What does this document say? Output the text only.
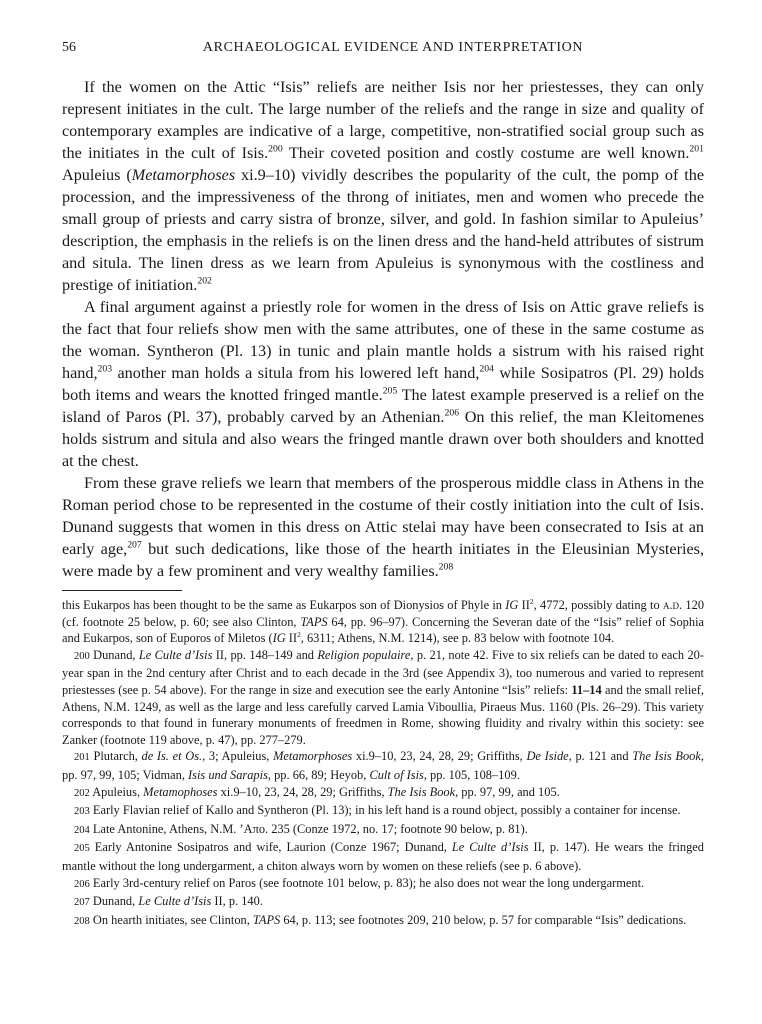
56	ARCHAEOLOGICAL EVIDENCE AND INTERPRETATION

If the women on the Attic “Isis” reliefs are neither Isis nor her priestesses, they can only represent initiates in the cult. The large number of the reliefs and the range in size and quality of contemporary examples are indicative of a large, competitive, non-stratified social group such as the initiates in the cult of Isis.$^{200}$ Their coveted position and costly costume are well known.$^{201}$ Apuleius (Metamorphoses xi.9–10) vividly describes the popularity of the cult, the pomp of the procession, and the impressiveness of the throng of initiates, men and women who precede the small group of priests and carry sistra of bronze, silver, and gold. In fashion similar to Apuleius’ description, the emphasis in the reliefs is on the linen dress and the hand-held attributes of sistrum and situla. The linen dress as we learn from Apuleius is synonymous with the costliness and prestige of initiation.$^{202}$

A final argument against a priestly role for women in the dress of Isis on Attic grave reliefs is the fact that four reliefs show men with the same attributes, one of these in the same costume as the woman. Syntheron (Pl. 13) in tunic and plain mantle holds a sistrum with his raised right hand,$^{203}$ another man holds a situla from his lowered left hand,$^{204}$ while Sosipatros (Pl. 29) holds both items and wears the knotted fringed mantle.$^{205}$ The latest example preserved is a relief on the island of Paros (Pl. 37), probably carved by an Athenian.$^{206}$ On this relief, the man Kleitomenes holds sistrum and situla and also wears the fringed mantle drawn over both shoulders and knotted at the chest.

From these grave reliefs we learn that members of the prosperous middle class in Athens in the Roman period chose to be represented in the costume of their costly initiation into the cult of Isis. Dunand suggests that women in this dress on Attic stelai may have been consecrated to Isis at an early age,$^{207}$ but such dedications, like those of the hearth initiates in the Eleusinian Mysteries, were made by a few prominent and very wealthy families.$^{208}$

this Eukarpos has been thought to be the same as Eukarpos son of Dionysios of Phyle in IG $II^2$, 4772, possibly dating to a.d. 120 (cf. footnote 25 below, p. 60; see also Clinton, TAPS 64, pp. 96–97). Concerning the Severan date of the “Isis” relief of Sophia and Eukarpos, son of Euporos of Miletos (IG $II^2$, 6311; Athens, N.M. 1214), see p. 83 below with footnote 104.

200 Dunand, Le Culte d’Isis II, pp. 148–149 and Religion populaire, p. 21, note 42. Five to six reliefs can be dated to each 20-year span in the 2nd century after Christ and to each decade in the 3rd (see Appendix 3), too numerous and varied to represent priestesses (see p. 54 above). For the range in size and execution see the early Antonine “Isis” reliefs: 11–14 and the small relief, Athens, N.M. 1249, as well as the large and less carefully carved Lamia Viboullia, Piraeus Mus. 1160 (Pls. 26–29). This variety corresponds to that found in funerary monuments of freedmen in Rome, showing fluidity and rivalry within this society: see Zanker (footnote 119 above, p. 47), pp. 277–279.

201 Plutarch, de Is. et Os., 3; Apuleius, Metamorphoses xi.9–10, 23, 24, 28, 29; Griffiths, De Iside, p. 121 and The Isis Book, pp. 97, 99, 105; Vidman, Isis und Sarapis, pp. 66, 89; Heyob, Cult of Isis, pp. 105, 108–109.

202 Apuleius, Metamophoses xi.9–10, 23, 24, 28, 29; Griffiths, The Isis Book, pp. 97, 99, and 105.

203 Early Flavian relief of Kallo and Syntheron (Pl. 13); in his left hand is a round object, possibly a container for incense.

204 Late Antonine, Athens, N.M. ’Aπο. 235 (Conze 1972, no. 17; footnote 90 below, p. 81).

205 Early Antonine Sosipatros and wife, Laurion (Conze 1967; Dunand, Le Culte d’Isis II, p. 147). He wears the fringed mantle without the long undergarment, a chiton always worn by women on these reliefs (see p. 6 above).

206 Early 3rd-century relief on Paros (see footnote 101 below, p. 83); he also does not wear the long undergarment.

207 Dunand, Le Culte d’Isis II, p. 140.

208 On hearth initiates, see Clinton, TAPS 64, p. 113; see footnotes 209, 210 below, p. 57 for comparable “Isis” dedications.
